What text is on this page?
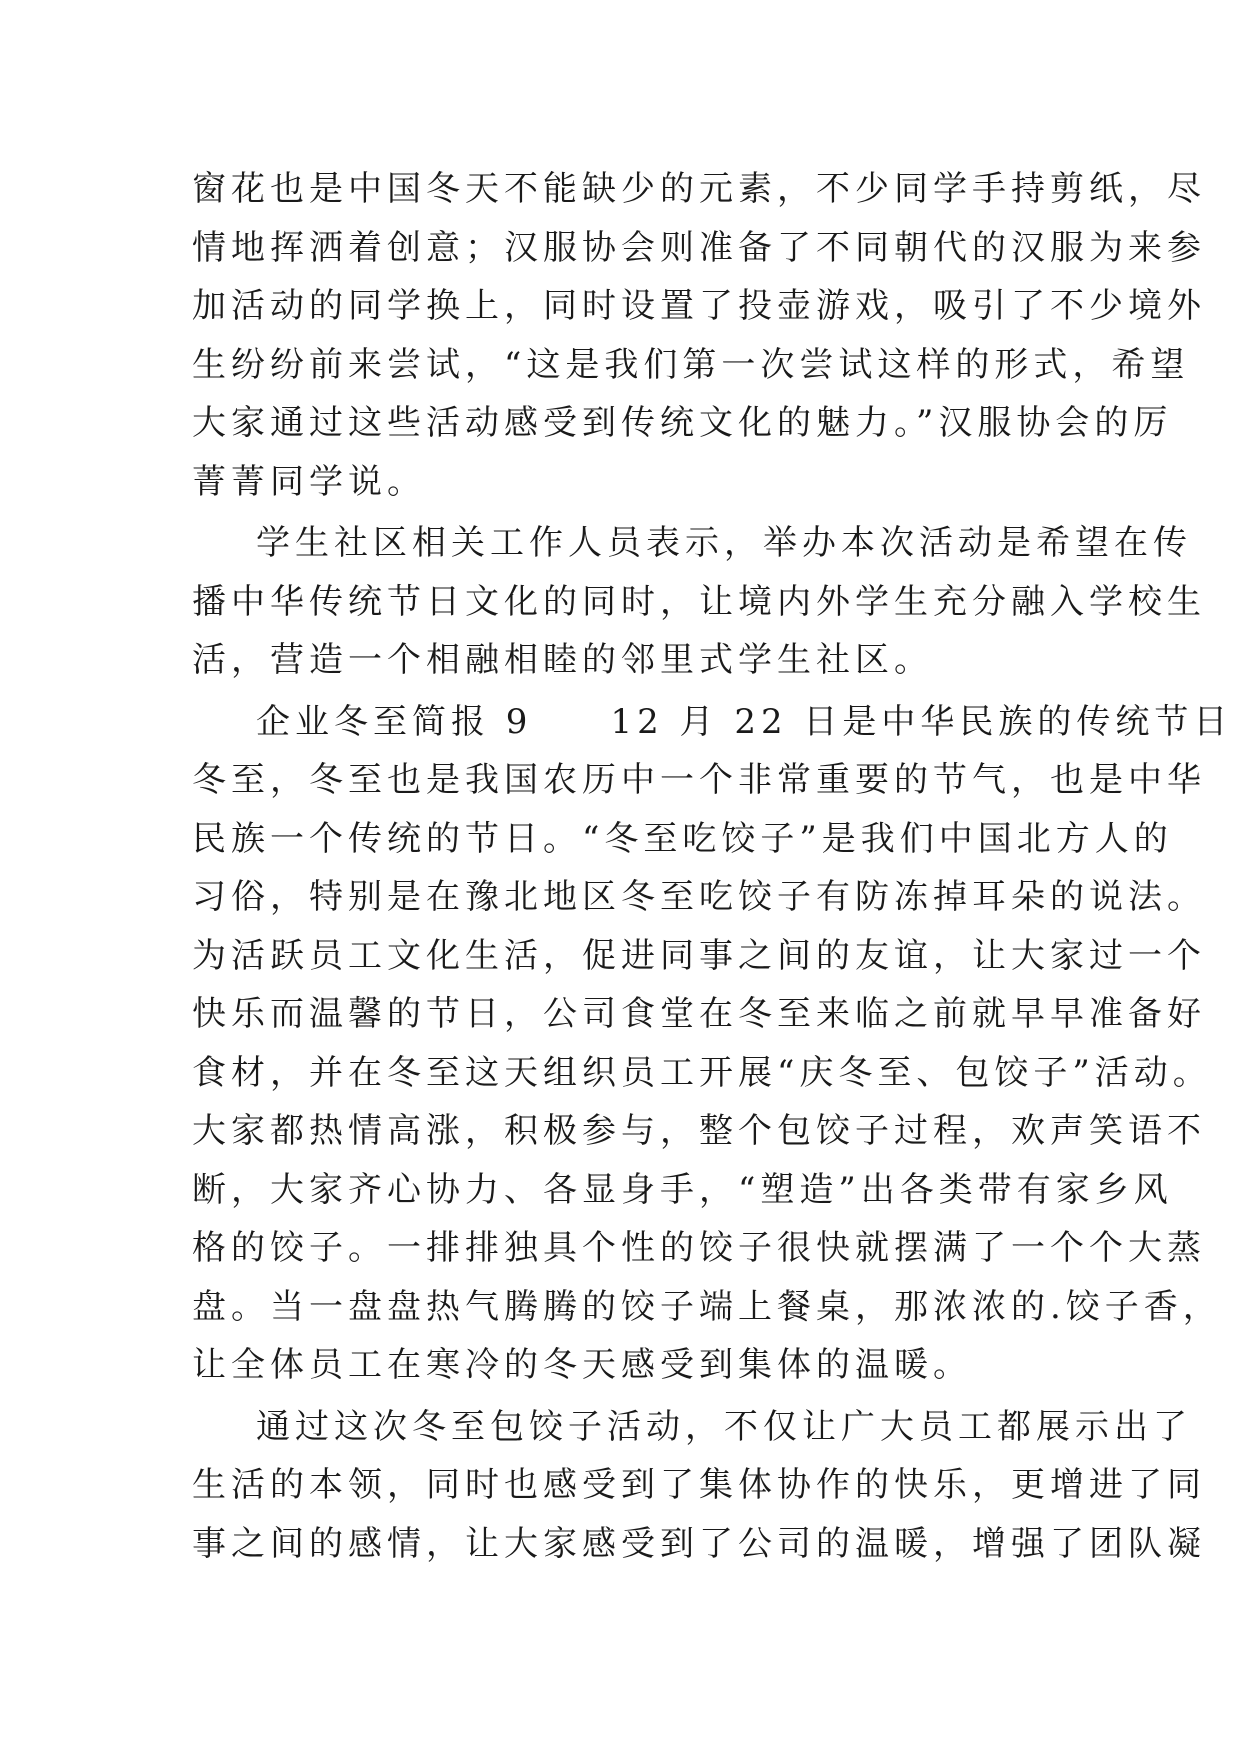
窗花也是中国冬天不能缺少的元素，不少同学手持剪纸，尽
情地挥洒着创意；汉服协会则准备了不同朝代的汉服为来参
加活动的同学换上，同时设置了投壶游戏，吸引了不少境外
生纷纷前来尝试，“这是我们第一次尝试这样的形式，希望
大家通过这些活动感受到传统文化的魅力。”汉服协会的厉
菁菁同学说。
学生社区相关工作人员表示，举办本次活动是希望在传
播中华传统节日文化的同时，让境内外学生充分融入学校生
活，营造一个相融相睦的邻里式学生社区。
企业冬至简报 9　　12 月 22 日是中华民族的传统节日
冬至，冬至也是我国农历中一个非常重要的节气，也是中华
民族一个传统的节日。“冬至吃饺子”是我们中国北方人的
习俗，特别是在豫北地区冬至吃饺子有防冻掉耳朵的说法。
为活跃员工文化生活，促进同事之间的友谊，让大家过一个
快乐而温馨的节日，公司食堂在冬至来临之前就早早准备好
食材，并在冬至这天组织员工开展“庆冬至、包饺子”活动。
大家都热情高涨，积极参与，整个包饺子过程，欢声笑语不
断，大家齐心协力、各显身手，“塑造”出各类带有家乡风
格的饺子。一排排独具个性的饺子很快就摆满了一个个大蒸
盘。当一盘盘热气腾腾的饺子端上餐桌，那浓浓的.饺子香，
让全体员工在寒冷的冬天感受到集体的温暖。
通过这次冬至包饺子活动，不仅让广大员工都展示出了
生活的本领，同时也感受到了集体协作的快乐，更增进了同
事之间的感情，让大家感受到了公司的温暖，增强了团队凝
